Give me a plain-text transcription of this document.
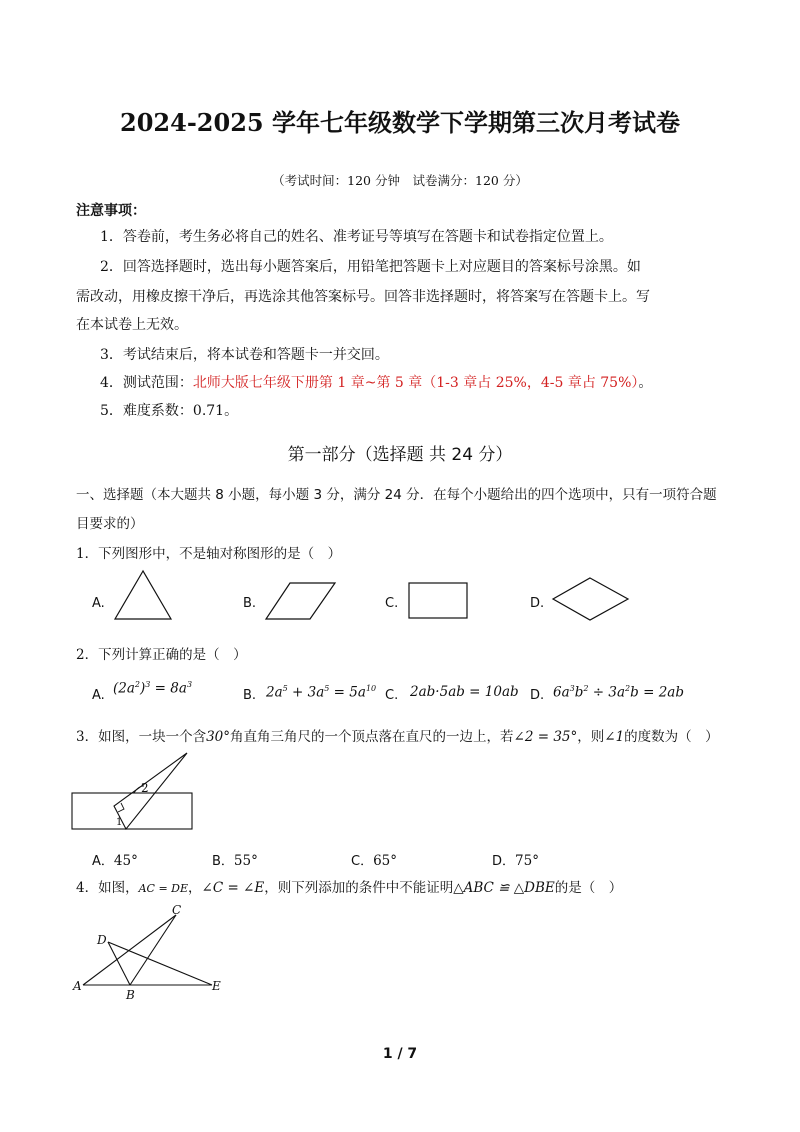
2024-2025 学年七年级数学下学期第三次月考试卷
（考试时间：120 分钟　试卷满分：120 分）
注意事项：
1．答卷前，考生务必将自己的姓名、准考证号等填写在答题卡和试卷指定位置上。
2．回答选择题时，选出每小题答案后，用铅笔把答题卡上对应题目的答案标号涂黑。如
需改动，用橡皮擦干净后，再选涂其他答案标号。回答非选择题时，将答案写在答题卡上。写
在本试卷上无效。
3．考试结束后，将本试卷和答题卡一并交回。
4．测试范围：北师大版七年级下册第 1 章~第 5 章（1-3 章占 25%，4-5 章占 75%）。
5．难度系数：0.71。
第一部分（选择题 共 24 分）
一、选择题（本大题共 8 小题，每小题 3 分，满分 24 分．在每个小题给出的四个选项中，只有一项符合题
目要求的）
1．下列图形中，不是轴对称图形的是（　）
A.	B.	C.	D.
2．下列计算正确的是（　）
A. $(2a^2)^3 = 8a^3$
B. $2a^5 + 3a^5 = 5a^{10}$ C. 2ab·5ab = 10ab D. $6a^3b^2 \div 3a^2b = 2ab$
3．如图，一块一个含30°角直角三角尺的一个顶点落在直尺的一边上，若∠2 = 35°，则∠1的度数为（　）
2
1
A．45°	B．55°	C．65°	D．75°
4．如图，AC = DE，∠C = ∠E，则下列添加的条件中不能证明△ABC ≌ △DBE的是（　）
C
D
A
B
E
1 / 7
